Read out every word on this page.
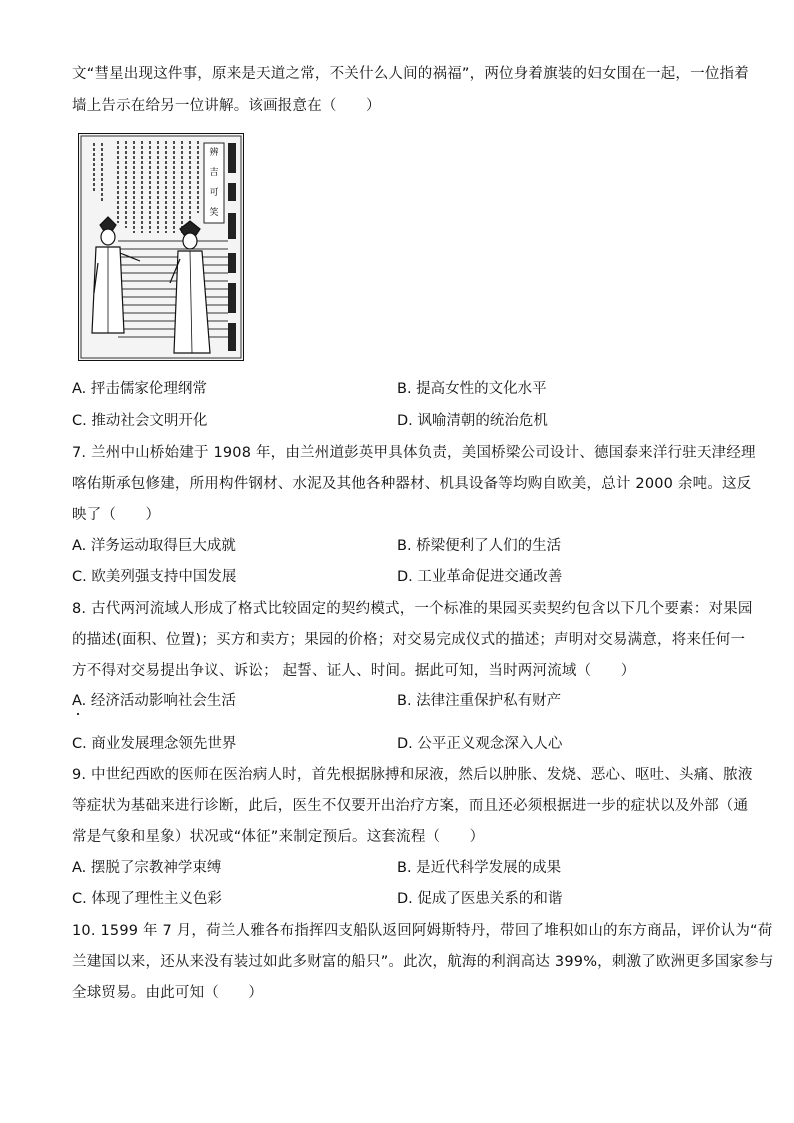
文“彗星出现这件事，原来是天道之常，不关什么人间的祸福”，两位身着旗装的妇女围在一起，一位指着
墙上告示在给另一位讲解。该画报意在（　　）
辨
吉
可
笑
A. 抨击儒家伦理纲常	B. 提高女性的文化水平
C. 推动社会文明开化	D. 讽喻清朝的统治危机
7. 兰州中山桥始建于 1908 年，由兰州道彭英甲具体负责，美国桥梁公司设计、德国泰来洋行驻天津经理
喀佑斯承包修建，所用构件钢材、水泥及其他各种器材、机具设备等均购自欧美，总计 2000 余吨。这反
映了（　　）
A. 洋务运动取得巨大成就	B. 桥梁便利了人们的生活
C. 欧美列强支持中国发展	D. 工业革命促进交通改善
8. 古代两河流域人形成了格式比较固定的契约模式，一个标准的果园买卖契约包含以下几个要素：对果园
的描述(面积、位置)；买方和卖方；果园的价格；对交易完成仪式的描述；声明对交易满意，将来任何一
方不得对交易提出争议、诉讼； 起誓、证人、时间。据此可知，当时两河流域（　　）
A. 经济活动影响社会生活	B. 法律注重保护私有财产
C. 商业发展理念领先世界	D. 公平正义观念深入人心
9. 中世纪西欧的医师在医治病人时，首先根据脉搏和尿液，然后以肿胀、发烧、恶心、呕吐、头痛、脓液
等症状为基础来进行诊断，此后，医生不仅要开出治疗方案，而且还必须根据进一步的症状以及外部（通
常是气象和星象）状况或“体征”来制定预后。这套流程（　　）
A. 摆脱了宗教神学束缚	B. 是近代科学发展的成果
C. 体现了理性主义色彩	D. 促成了医患关系的和谐
10. 1599 年 7 月，荷兰人雅各布指挥四支船队返回阿姆斯特丹，带回了堆积如山的东方商品，评价认为“荷
兰建国以来，还从来没有装过如此多财富的船只”。此次，航海的利润高达 399%，刺激了欧洲更多国家参与
全球贸易。由此可知（　　）
